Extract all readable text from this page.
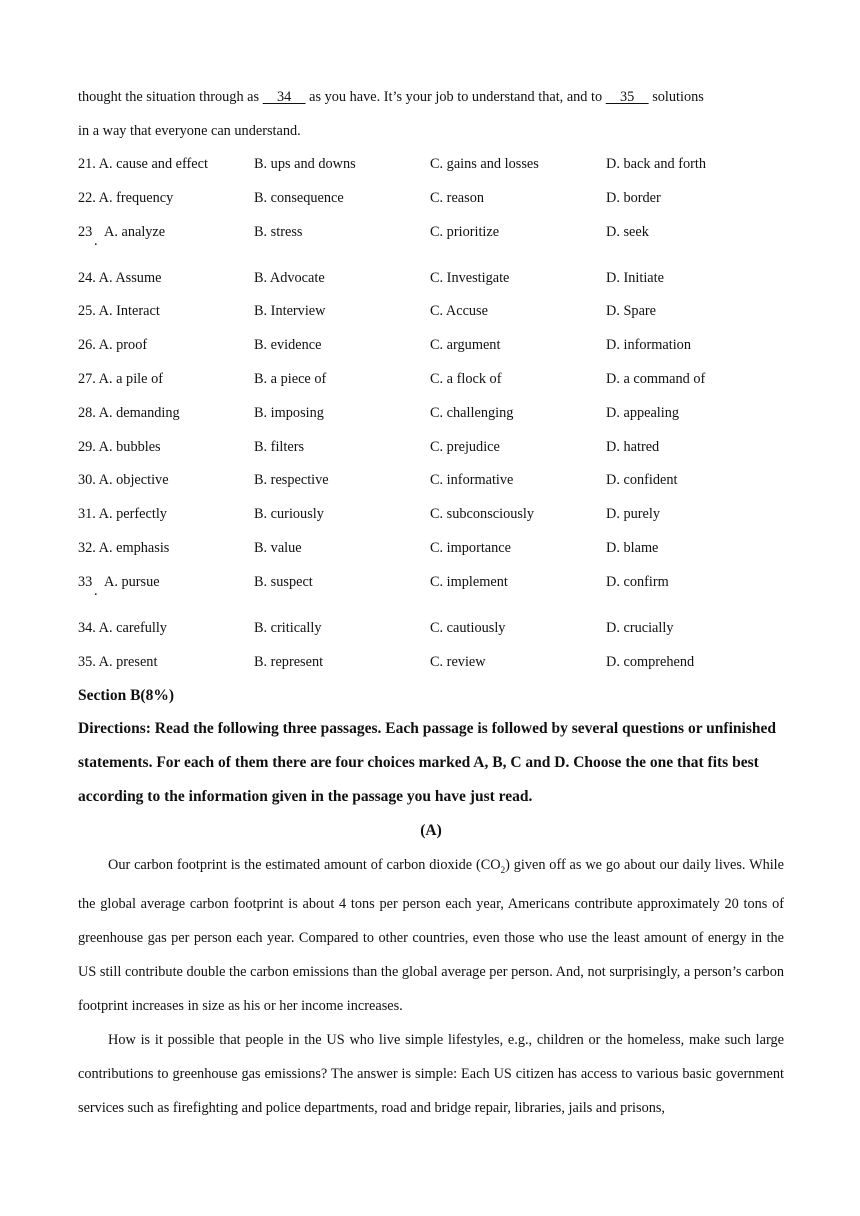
thought the situation through as     34     as you have. It’s your job to understand that, and to     35     solutions
in a way that everyone can understand.
21. A. cause and effect	B. ups and downs	C. gains and losses	D. back and forth
22. A. frequency	B. consequence	C. reason	D. border
23 . A. analyze	B. stress	C. prioritize	D. seek
24. A. Assume	B. Advocate	C. Investigate	D. Initiate
25. A. Interact	B. Interview	C. Accuse	D. Spare
26. A. proof	B. evidence	C. argument	D. information
27. A. a pile of	B. a piece of	C. a flock of	D. a command of
28. A. demanding	B. imposing	C. challenging	D. appealing
29. A. bubbles	B. filters	C. prejudice	D. hatred
30. A. objective	B. respective	C. informative	D. confident
31. A. perfectly	B. curiously	C. subconsciously	D. purely
32. A. emphasis	B. value	C. importance	D. blame
33 . A. pursue	B. suspect	C. implement	D. confirm
34. A. carefully	B. critically	C. cautiously	D. crucially
35. A. present	B. represent	C. review	D. comprehend
Section B(8%)

Directions: Read the following three passages. Each passage is followed by several questions or unfinished statements. For each of them there are four choices marked A, B, C and D. Choose the one that fits best according to the information given in the passage you have just read.

(A)

Our carbon footprint is the estimated amount of carbon dioxide $(CO_2)$ given off as we go about our daily lives. While the global average carbon footprint is about 4 tons per person each year, Americans contribute approximately 20 tons of greenhouse gas per person each year. Compared to other countries, even those who use the least amount of energy in the US still contribute double the carbon emissions than the global average per person. And, not surprisingly, a person’s carbon footprint increases in size as his or her income increases.

How is it possible that people in the US who live simple lifestyles, e.g., children or the homeless, make such large contributions to greenhouse gas emissions? The answer is simple: Each US citizen has access to various basic government services such as firefighting and police departments, road and bridge repair, libraries, jails and prisons,
